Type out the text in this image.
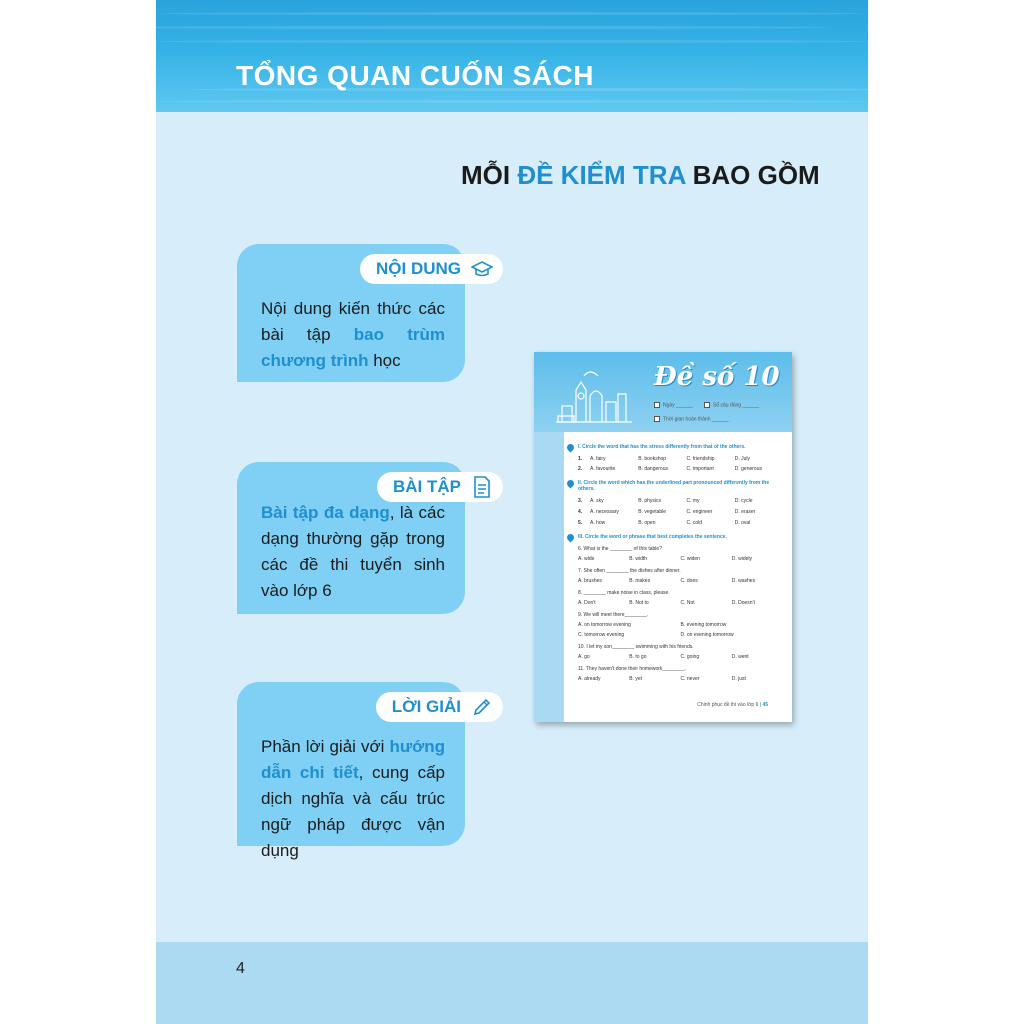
TỔNG QUAN CUỐN SÁCH
MỖI ĐỀ KIỂM TRA BAO GỒM
NỘI DUNG
Nội dung kiến thức các bài tập bao trùm chương trình học
BÀI TẬP
Bài tập đa dạng, là các dạng thường gặp trong các đề thi tuyển sinh vào lớp 6
LỜI GIẢI
Phần lời giải với hướng dẫn chi tiết, cung cấp dịch nghĩa và cấu trúc ngữ pháp được vận dụng
Đề số 10
Ngày ______	Số câu đúng ______
Thời gian hoàn thành ______
I. Circle the word that has the stress differently from that of the others.
1.	A. fairy	B. bookshop	C. friendship	D. July
2.	A. favourite	B. dangerous	C. important	D. generous
II. Circle the word which has the underlined part pronounced differently from the others.
3.	A. sky	B. physics	C. my	D. cycle
4.	A. necessary	B. vegetable	C. engineer	D. eraser
5.	A. how	B. open	C. cold	D. oval
III. Circle the word or phrase that best completes the sentence.
6. What is the ________ of this table?
A. wide	B. width	C. widen	D. widely
7. She often ________ the dishes after dinner.
A. brushes	B. makes	C. does	D. washes
8. ________ make noise in class, please.
A. Don't	B. Not to	C. Not	D. Doesn't
9. We will meet there________.
A. on tomorrow evening	B. evening tomorrow
C. tomorrow evening	D. on evening tomorrow
10. I let my son________ swimming with his friends.
A. go	B. to go	C. going	D. went
11. They haven't done their homework________.
A. already	B. yet	C. never	D. just
Chinh phục đề thi vào lớp 6 | 45
4
